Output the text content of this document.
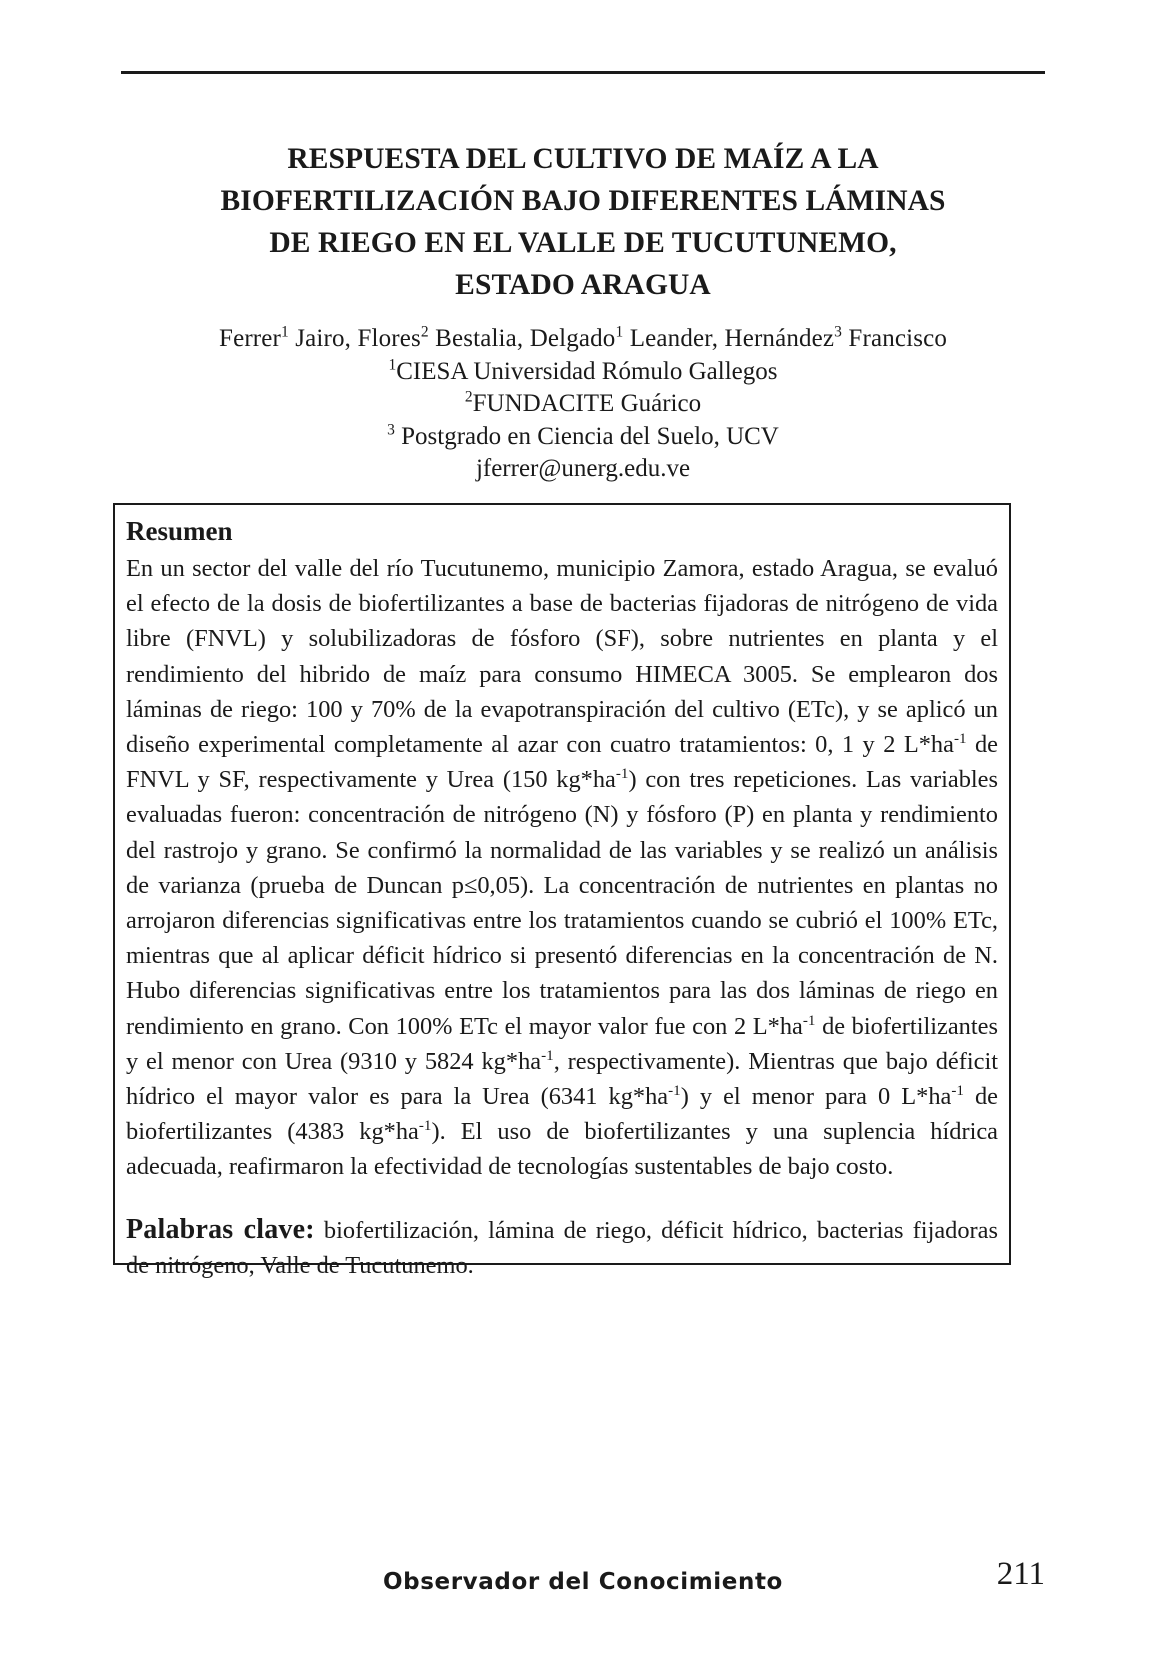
RESPUESTA DEL CULTIVO DE MAÍZ A LA
BIOFERTILIZACIÓN BAJO DIFERENTES LÁMINAS
DE RIEGO EN EL VALLE DE TUCUTUNEMO,
ESTADO ARAGUA
Ferrer$^1$ Jairo, Flores$^2$ Bestalia, Delgado$^1$ Leander, Hernández$^3$ Francisco
$^1$CIESA Universidad Rómulo Gallegos
$^2$FUNDACITE Guárico
$^3$ Postgrado en Ciencia del Suelo, UCV
jferrer@unerg.edu.ve
Resumen

En un sector del valle del río Tucutunemo, municipio Zamora, estado Aragua, se evaluó el efecto de la dosis de biofertilizantes a base de bacterias fijadoras de nitrógeno de vida libre (FNVL) y solubilizadoras de fósforo (SF), sobre nutrientes en planta y el rendimiento del hibrido de maíz para consumo HIMECA 3005. Se emplearon dos láminas de riego: 100 y 70% de la evapotranspiración del cultivo (ETc), y se aplicó un diseño experimental completamente al azar con cuatro tratamientos: 0, 1 y 2 $L*ha^{-1}$ de FNVL y SF, respectivamente y Urea (150 $kg*ha^{-1}$) con tres repeticiones. Las variables evaluadas fueron: concentración de nitrógeno (N) y fósforo (P) en planta y rendimiento del rastrojo y grano. Se confirmó la normalidad de las variables y se realizó un análisis de varianza (prueba de Duncan p≤0,05). La concentración de nutrientes en plantas no arrojaron diferencias significativas entre los tratamientos cuando se cubrió el 100% ETc, mientras que al aplicar déficit hídrico si presentó diferencias en la concentración de N. Hubo diferencias significativas entre los tratamientos para las dos láminas de riego en rendimiento en grano. Con 100% ETc el mayor valor fue con 2 $L*ha^{-1}$ de biofertilizantes y el menor con Urea (9310 y 5824 $kg*ha^{-1}$, respectivamente). Mientras que bajo déficit hídrico el mayor valor es para la Urea (6341 $kg*ha^{-1}$) y el menor para 0 $L*ha^{-1}$ de biofertilizantes (4383 $kg*ha^{-1}$). El uso de biofertilizantes y una suplencia hídrica adecuada, reafirmaron la efectividad de tecnologías sustentables de bajo costo.

Palabras clave: biofertilización, lámina de riego, déficit hídrico, bacterias fijadoras de nitrógeno, Valle de Tucutunemo.

Observador del Conocimiento	211
